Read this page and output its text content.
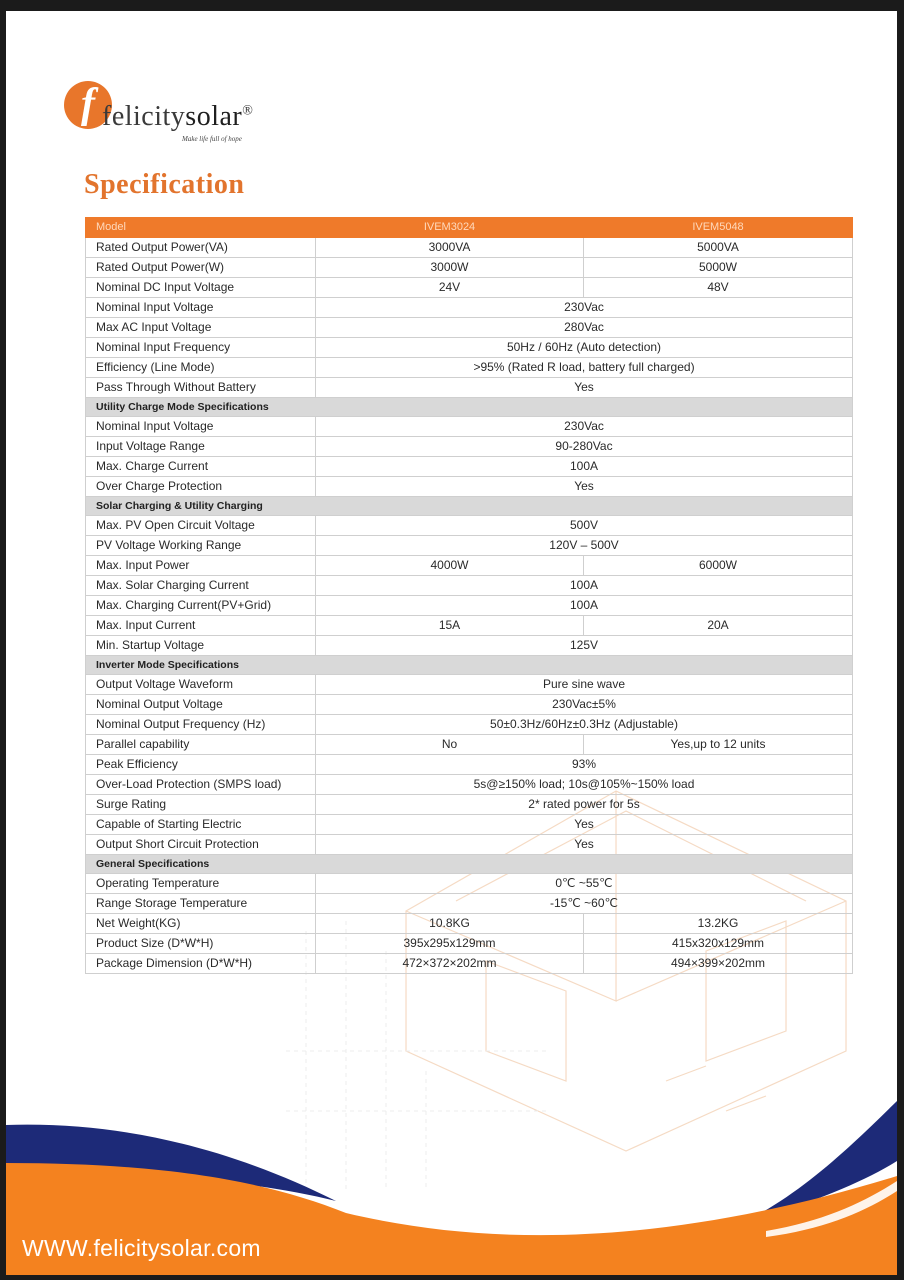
f felicitysolar®
Make life full of hope
Specification
Model	IVEM3024	IVEM5048
Rated Output Power(VA)	3000VA	5000VA
Rated Output Power(W)	3000W	5000W
Nominal DC Input Voltage	24V	48V
Nominal Input Voltage	230Vac	
Max AC Input Voltage	280Vac	
Nominal Input Frequency	50Hz / 60Hz (Auto detection)	
Efficiency (Line Mode)	>95% (Rated R load, battery full charged)	
Pass Through Without Battery	Yes	
Utility Charge Mode Specifications		
Nominal Input Voltage	230Vac	
Input Voltage Range	90-280Vac	
Max. Charge Current	100A	
Over Charge Protection	Yes	
Solar Charging & Utility Charging		
Max. PV Open Circuit Voltage	500V	
PV Voltage Working Range	120V – 500V	
Max. Input Power	4000W	6000W
Max. Solar Charging Current	100A	
Max. Charging Current(PV+Grid)	100A	
Max. Input Current	15A	20A
Min. Startup Voltage	125V	
Inverter Mode Specifications		
Output Voltage Waveform	Pure sine wave	
Nominal Output Voltage	230Vac±5%	
Nominal Output Frequency (Hz)	50±0.3Hz/60Hz±0.3Hz (Adjustable)	
Parallel capability	No	Yes,up to 12 units
Peak Efficiency	93%	
Over-Load Protection (SMPS load)	5s@≥150% load; 10s@105%~150% load	
Surge Rating	2* rated power for 5s	
Capable of Starting Electric	Yes	
Output Short Circuit Protection	Yes	
General Specifications		
Operating Temperature	0℃ ~55℃	
Range Storage Temperature	-15℃ ~60℃	
Net Weight(KG)	10.8KG	13.2KG
Product Size (D*W*H)	395x295x129mm	415x320x129mm
Package Dimension (D*W*H)	472×372×202mm	494×399×202mm
WWW.felicitysolar.com
